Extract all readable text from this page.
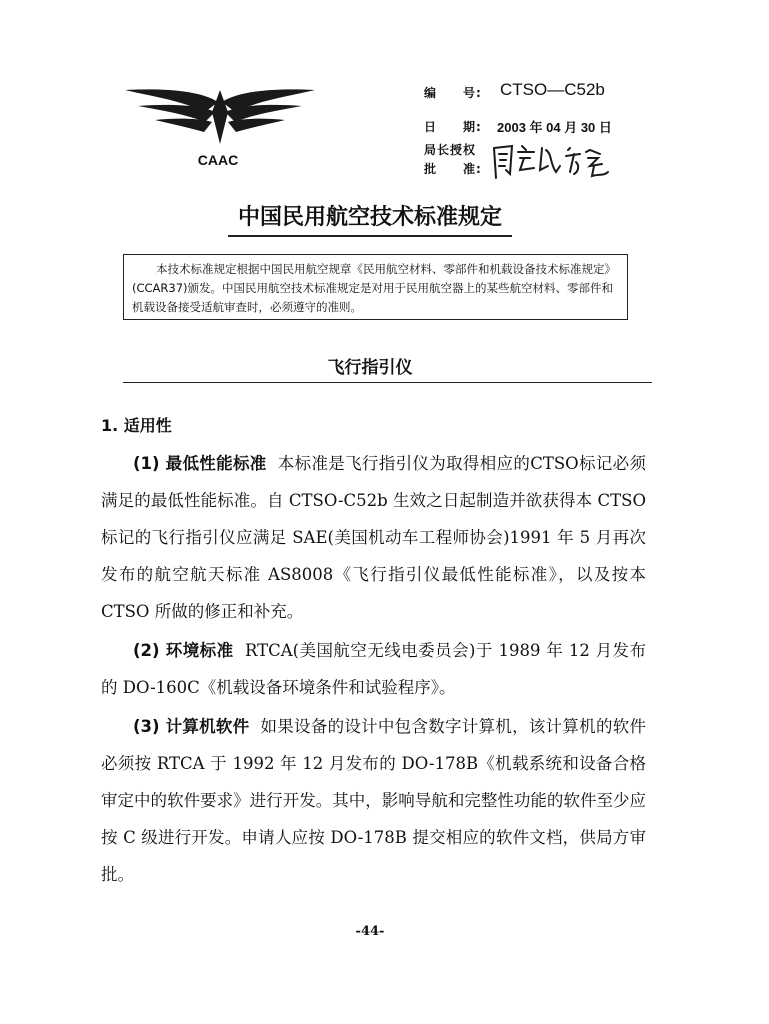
CAAC
编　　号: CTSO—C52b
日　　期: 2003 年 04 月 30 日
局长授权
批　　准:
中国民用航空技术标准规定
本技术标准规定根据中国民用航空规章《民用航空材料、零部件和机载设备技术标准规定》(CCAR37)颁发。中国民用航空技术标准规定是对用于民用航空器上的某些航空材料、零部件和机载设备接受适航审查时，必须遵守的准则。
飞行指引仪
1. 适用性
(1) 最低性能标准 本标准是飞行指引仪为取得相应的CTSO标记必须满足的最低性能标准。自 CTSO-C52b 生效之日起制造并欲获得本 CTSO 标记的飞行指引仪应满足 SAE(美国机动车工程师协会)1991 年 5 月再次发布的航空航天标准 AS8008《飞行指引仪最低性能标准》，以及按本 CTSO 所做的修正和补充。
(2) 环境标准 RTCA(美国航空无线电委员会)于 1989 年 12 月发布的 DO-160C《机载设备环境条件和试验程序》。
(3) 计算机软件 如果设备的设计中包含数字计算机，该计算机的软件必须按 RTCA 于 1992 年 12 月发布的 DO-178B《机载系统和设备合格审定中的软件要求》进行开发。其中，影响导航和完整性功能的软件至少应按 C 级进行开发。申请人应按 DO-178B 提交相应的软件文档，供局方审批。
-44-
